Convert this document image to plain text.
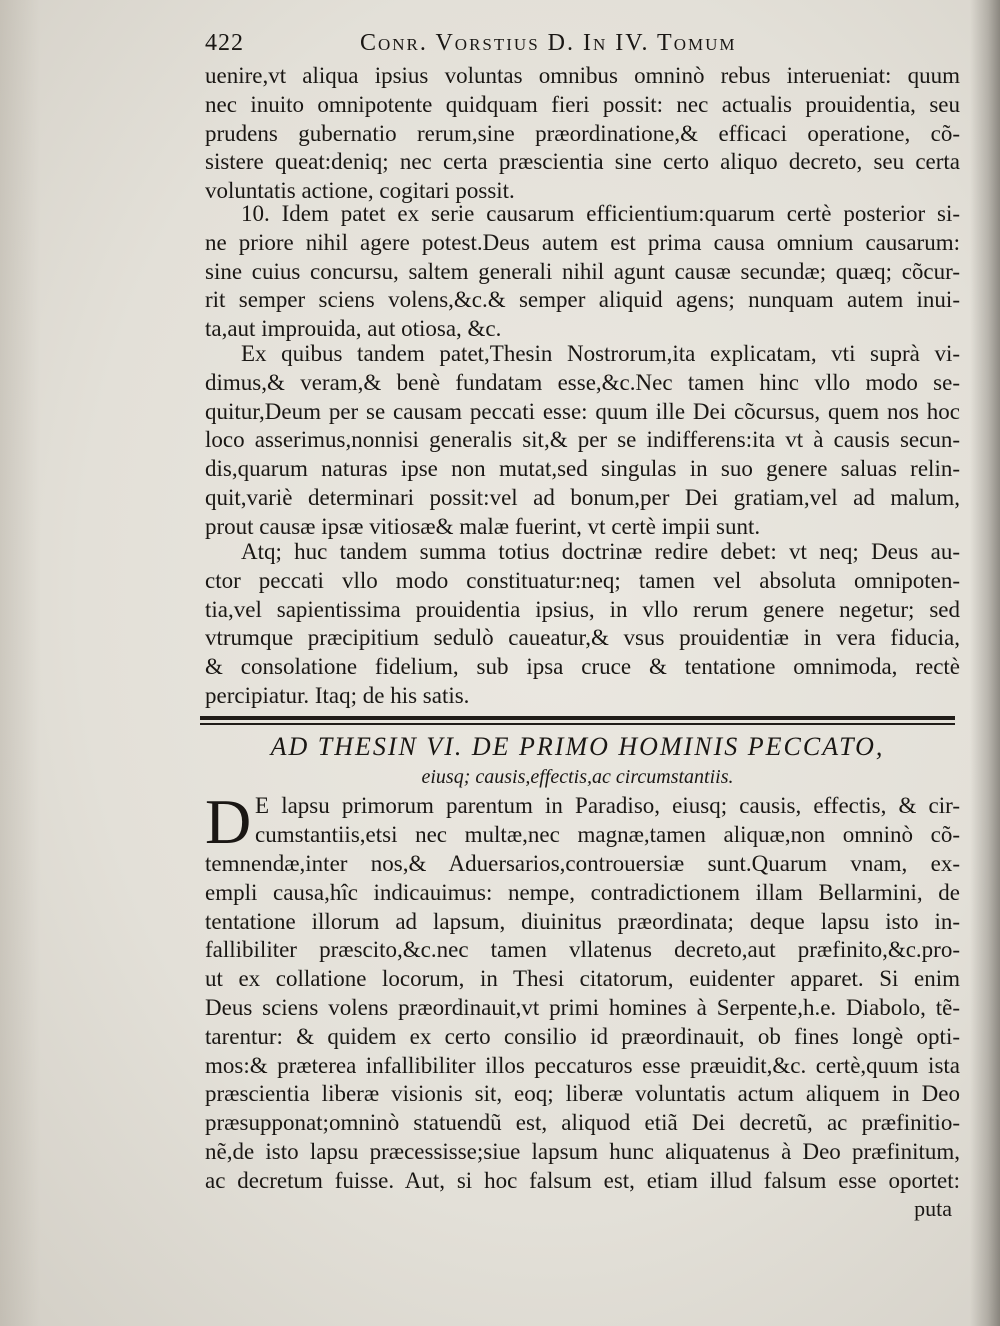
422	Conr. Vorstius D. In IV. Tomum
uenire,vt aliqua ipsius voluntas omnibus omninò rebus interueniat: quum
nec inuito omnipotente quidquam fieri possit: nec actualis prouidentia, seu
prudens gubernatio rerum,sine præordinatione,& efficaci operatione, cõ-
sistere queat:deniq; nec certa præscientia sine certo aliquo decreto, seu certa
voluntatis actione, cogitari possit.
10. Idem patet ex serie causarum efficientium:quarum certè posterior si-
ne priore nihil agere potest.Deus autem est prima causa omnium causarum:
sine cuius concursu, saltem generali nihil agunt causæ secundæ; quæq; cõcur-
rit semper sciens volens,&c.& semper aliquid agens; nunquam autem inui-
ta,aut improuida, aut otiosa, &c.
Ex quibus tandem patet,Thesin Nostrorum,ita explicatam, vti suprà vi-
dimus,& veram,& benè fundatam esse,&c.Nec tamen hinc vllo modo se-
quitur,Deum per se causam peccati esse: quum ille Dei cõcursus, quem nos hoc
loco asserimus,nonnisi generalis sit,& per se indifferens:ita vt à causis secun-
dis,quarum naturas ipse non mutat,sed singulas in suo genere saluas relin-
quit,variè determinari possit:vel ad bonum,per Dei gratiam,vel ad malum,
prout causæ ipsæ vitiosæ& malæ fuerint, vt certè impii sunt.
Atq; huc tandem summa totius doctrinæ redire debet: vt neq; Deus au-
ctor peccati vllo modo constituatur:neq; tamen vel absoluta omnipoten-
tia,vel sapientissima prouidentia ipsius, in vllo rerum genere negetur; sed
vtrumque præcipitium sedulò caueatur,& vsus prouidentiæ in vera fiducia,
& consolatione fidelium, sub ipsa cruce & tentatione omnimoda, rectè
percipiatur. Itaq; de his satis.
AD THESIN VI. DE PRIMO HOMINIS PECCATO,
eiusq; causis,effectis,ac circumstantiis.
D E lapsu primorum parentum in Paradiso, eiusq; causis, effectis, & cir-
cumstantiis,etsi nec multæ,nec magnæ,tamen aliquæ,non omninò cõ-
temnendæ,inter nos,& Aduersarios,controuersiæ sunt.Quarum vnam, ex-
empli causa,hîc indicauimus: nempe, contradictionem illam Bellarmini, de
tentatione illorum ad lapsum, diuinitus præordinata; deque lapsu isto in-
fallibiliter præscito,&c.nec tamen vllatenus decreto,aut præfinito,&c.pro-
ut ex collatione locorum, in Thesi citatorum, euidenter apparet. Si enim
Deus sciens volens præordinauit,vt primi homines à Serpente,h.e. Diabolo, tẽ-
tarentur: & quidem ex certo consilio id præordinauit, ob fines longè opti-
mos:& præterea infallibiliter illos peccaturos esse præuidit,&c. certè,quum ista
præscientia liberæ visionis sit, eoq; liberæ voluntatis actum aliquem in Deo
præsupponat;omninò statuendũ est, aliquod etiã Dei decretũ, ac præfinitio-
nẽ,de isto lapsu præcessisse;siue lapsum hunc aliquatenus à Deo præfinitum,
ac decretum fuisse. Aut, si hoc falsum est, etiam illud falsum esse oportet:
puta
